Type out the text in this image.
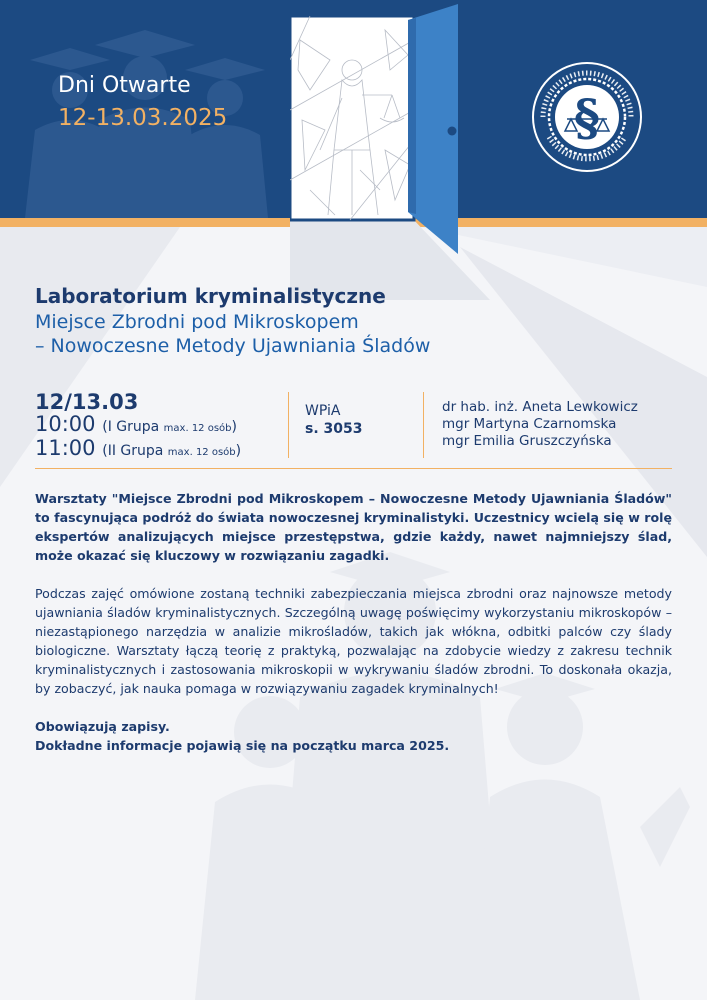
Dni Otwarte
12-13.03.2025	§
Laboratorium kryminalistyczne
Miejsce Zbrodni pod Mikroskopem
– Nowoczesne Metody Ujawniania Śladów
12/13.03
10:00 (I Grupa max. 12 osób)
11:00 (II Grupa max. 12 osób)
WPiA
s. 3053
dr hab. inż. Aneta Lewkowicz
mgr Martyna Czarnomska
mgr Emilia Gruszczyńska

Warsztaty "Miejsce Zbrodni pod Mikroskopem – Nowoczesne Metody Ujawniania Śladów" to fascynująca podróż do świata nowoczesnej kryminalistyki. Uczestnicy wcielą się w rolę ekspertów analizujących miejsce przestępstwa, gdzie każdy, nawet najmniejszy ślad, może okazać się kluczowy w rozwiązaniu zagadki.

Podczas zajęć omówione zostaną techniki zabezpieczania miejsca zbrodni oraz najnowsze metody ujawniania śladów kryminalistycznych. Szczególną uwagę poświęcimy wykorzystaniu mikroskopów – niezastąpionego narzędzia w analizie mikrośladów, takich jak włókna, odbitki palców czy ślady biologiczne. Warsztaty łączą teorię z praktyką, pozwalając na zdobycie wiedzy z zakresu technik kryminalistycznych i zastosowania mikroskopii w wykrywaniu śladów zbrodni. To doskonała okazja, by zobaczyć, jak nauka pomaga w rozwiązywaniu zagadek kryminalnych!

Obowiązują zapisy.
Dokładne informacje pojawią się na początku marca 2025.
